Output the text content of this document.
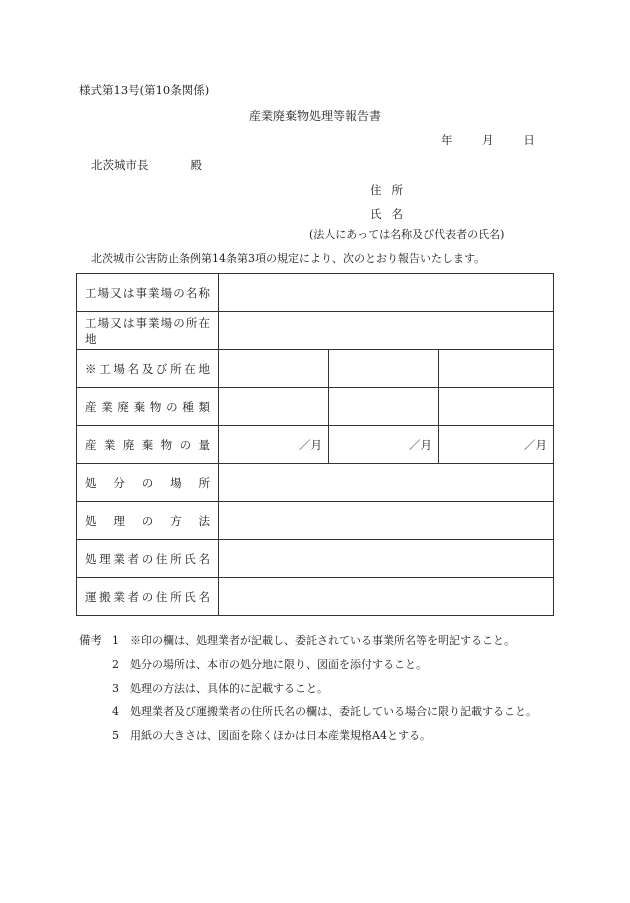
様式第13号(第10条関係)
産業廃棄物処理等報告書
年	月	日
北茨城市長	殿
住所
氏名
(法人にあっては名称及び代表者の氏名)
北茨城市公害防止条例第14条第3項の規定により、次のとおり報告いたします。
工場又は事業場の名称			
工場又は事業場の所在地			
※工場名及び所在地			
産業廃棄物の種類			
産業廃棄物の量	／月	／月	／月
処分の場所			
処理の方法			
処理業者の住所氏名			
運搬業者の住所氏名			
備考 1 ※印の欄は、処理業者が記載し、委託されている事業所名等を明記すること。
2 処分の場所は、本市の処分地に限り、図面を添付すること。
3 処理の方法は、具体的に記載すること。
4 処理業者及び運搬業者の住所氏名の欄は、委託している場合に限り記載すること。
5 用紙の大きさは、図面を除くほかは日本産業規格A4とする。
